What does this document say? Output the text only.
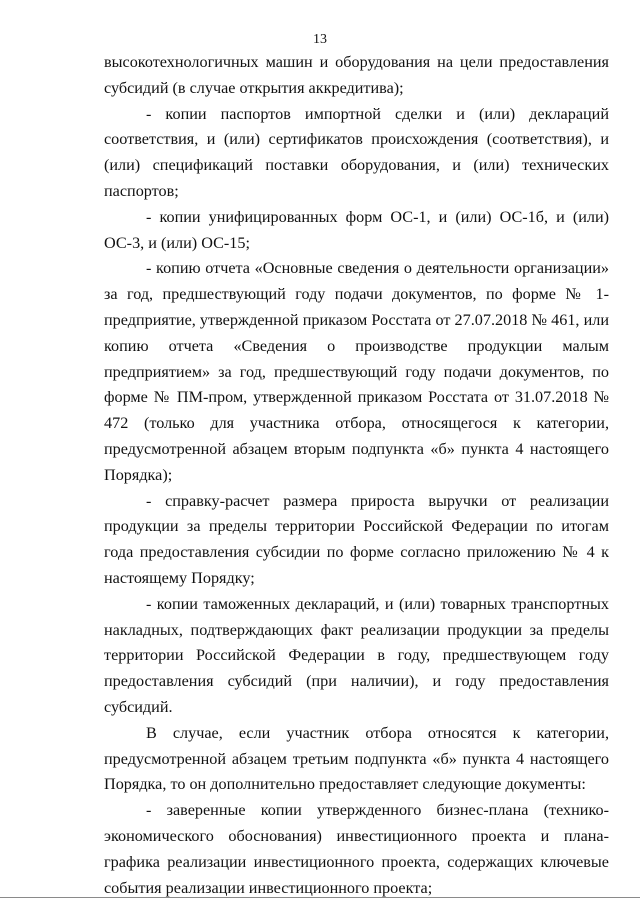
13

высокотехнологичных машин и оборудования на цели предоставления субсидий (в случае открытия аккредитива);

- копии паспортов импортной сделки и (или) деклараций соответствия, и (или) сертификатов происхождения (соответствия), и (или) спецификаций поставки оборудования, и (или) технических паспортов;

- копии унифицированных форм ОС-1, и (или) ОС-1б, и (или) ОС-3, и (или) ОС-15;

- копию отчета «Основные сведения о деятельности организации» за год, предшествующий году подачи документов, по форме № 1-предприятие, утвержденной приказом Росстата от 27.07.2018 № 461, или копию отчета «Сведения о производстве продукции малым предприятием» за год, предшествующий году подачи документов, по форме № ПМ-пром, утвержденной приказом Росстата от 31.07.2018 № 472 (только для участника отбора, относящегося к категории, предусмотренной абзацем вторым подпункта «б» пункта 4 настоящего Порядка);

- справку-расчет размера прироста выручки от реализации продукции за пределы территории Российской Федерации по итогам года предоставления субсидии по форме согласно приложению № 4 к настоящему Порядку;

- копии таможенных деклараций, и (или) товарных транспортных накладных, подтверждающих факт реализации продукции за пределы территории Российской Федерации в году, предшествующем году предоставления субсидий (при наличии), и году предоставления субсидий.

В случае, если участник отбора относятся к категории, предусмотренной абзацем третьим подпункта «б» пункта 4 настоящего Порядка, то он дополнительно предоставляет следующие документы:

- заверенные копии утвержденного бизнес-плана (технико-экономического обоснования) инвестиционного проекта и плана-графика реализации инвестиционного проекта, содержащих ключевые события реализации инвестиционного проекта;
